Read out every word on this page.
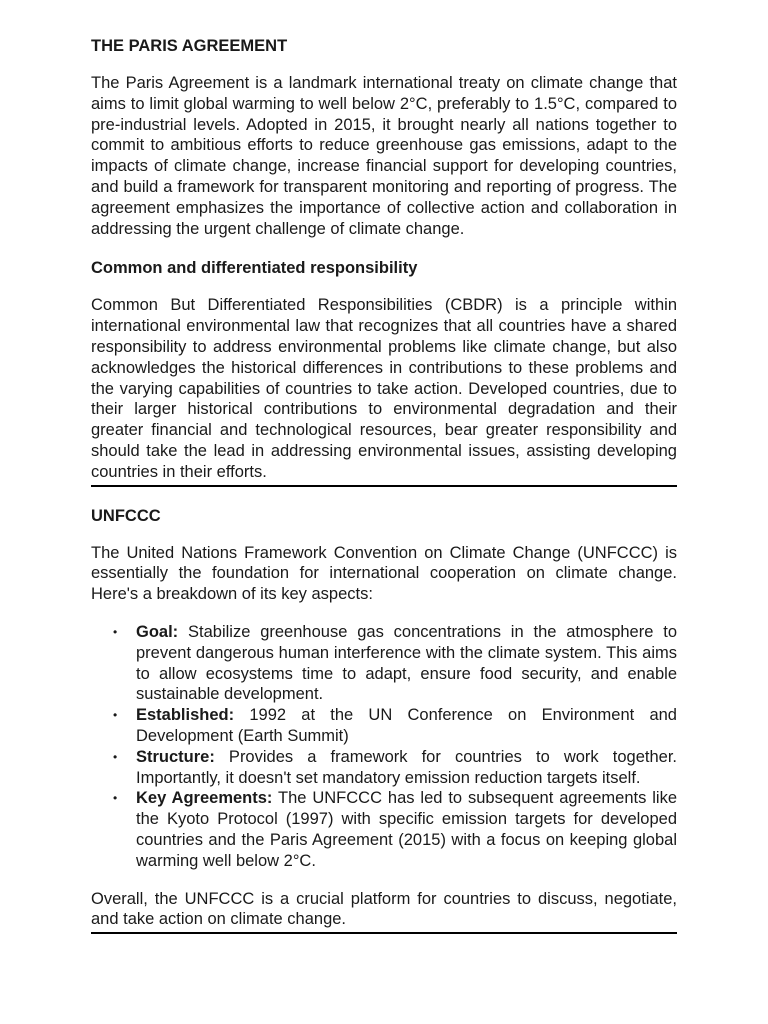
THE PARIS AGREEMENT
The Paris Agreement is a landmark international treaty on climate change that aims to limit global warming to well below 2°C, preferably to 1.5°C, compared to pre-industrial levels. Adopted in 2015, it brought nearly all nations together to commit to ambitious efforts to reduce greenhouse gas emissions, adapt to the impacts of climate change, increase financial support for developing countries, and build a framework for transparent monitoring and reporting of progress. The agreement emphasizes the importance of collective action and collaboration in addressing the urgent challenge of climate change.
Common and differentiated responsibility
Common But Differentiated Responsibilities (CBDR) is a principle within international environmental law that recognizes that all countries have a shared responsibility to address environmental problems like climate change, but also acknowledges the historical differences in contributions to these problems and the varying capabilities of countries to take action. Developed countries, due to their larger historical contributions to environmental degradation and their greater financial and technological resources, bear greater responsibility and should take the lead in addressing environmental issues, assisting developing countries in their efforts.
UNFCCC
The United Nations Framework Convention on Climate Change (UNFCCC) is essentially the foundation for international cooperation on climate change. Here's a breakdown of its key aspects:
• Goal: Stabilize greenhouse gas concentrations in the atmosphere to prevent dangerous human interference with the climate system. This aims to allow ecosystems time to adapt, ensure food security, and enable sustainable development.
• Established: 1992 at the UN Conference on Environment and Development (Earth Summit)
• Structure: Provides a framework for countries to work together. Importantly, it doesn't set mandatory emission reduction targets itself.
• Key Agreements: The UNFCCC has led to subsequent agreements like the Kyoto Protocol (1997) with specific emission targets for developed countries and the Paris Agreement (2015) with a focus on keeping global warming well below 2°C.
Overall, the UNFCCC is a crucial platform for countries to discuss, negotiate, and take action on climate change.
